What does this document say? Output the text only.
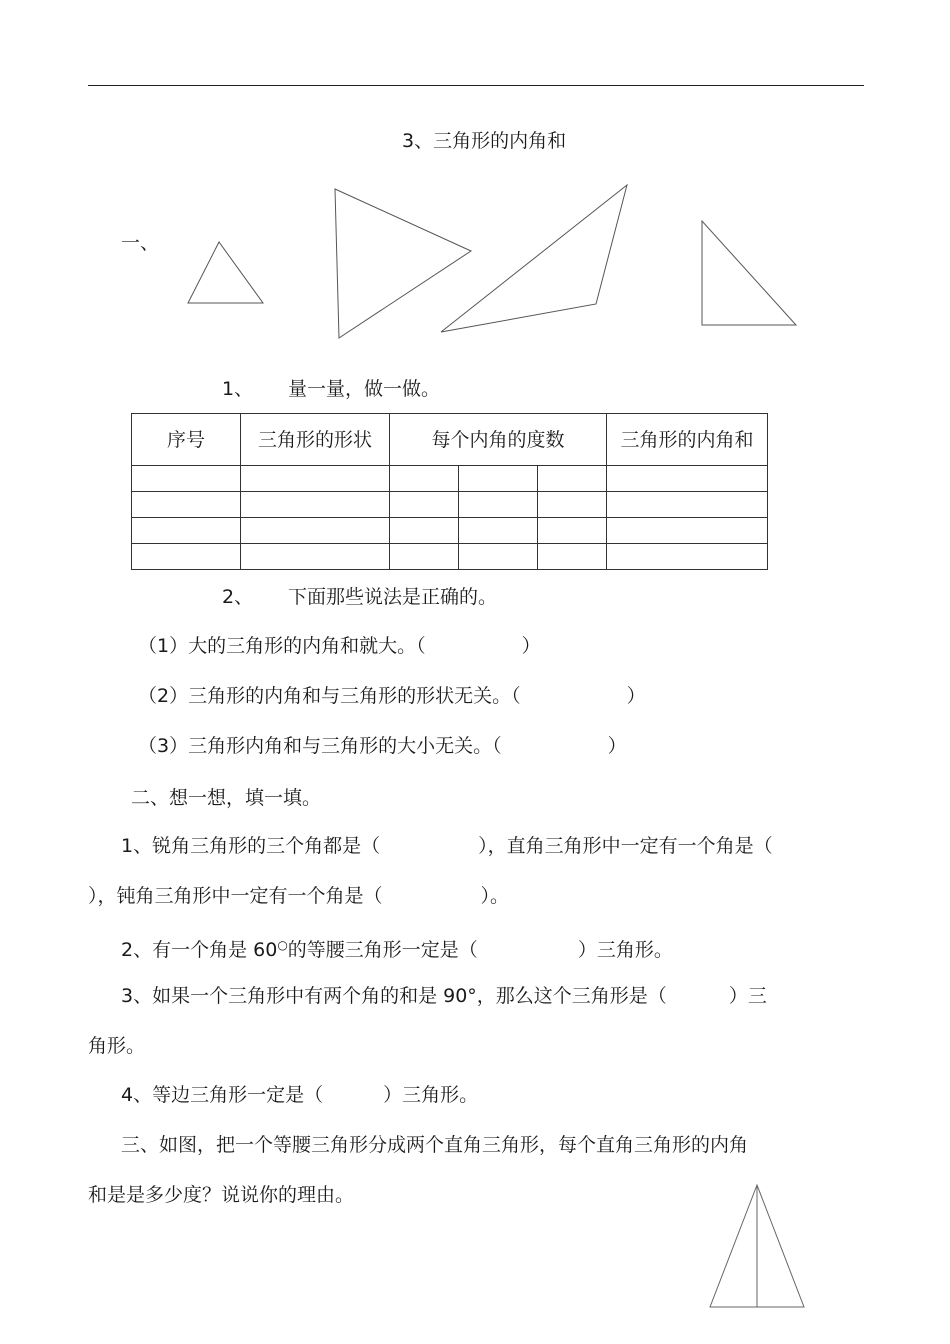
3、三角形的内角和
一、
1、 量一量，做一做。
序号	三角形的形状	每个内角的度数			三角形的内角和

2、 下面那些说法是正确的。
（1）大的三角形的内角和就大。（	）
（2）三角形的内角和与三角形的形状无关。（	）
（3）三角形内角和与三角形的大小无关。（	）
二、想一想，填一填。
1、锐角三角形的三个角都是（	），直角三角形中一定有一个角是（
），钝角三角形中一定有一个角是（	）。
2、有一个角是 60○的等腰三角形一定是（	）三角形。
3、如果一个三角形中有两个角的和是 90°，那么这个三角形是（	）三
角形。
4、等边三角形一定是（	）三角形。
三、如图，把一个等腰三角形分成两个直角三角形，每个直角三角形的内角
和是是多少度？说说你的理由。
